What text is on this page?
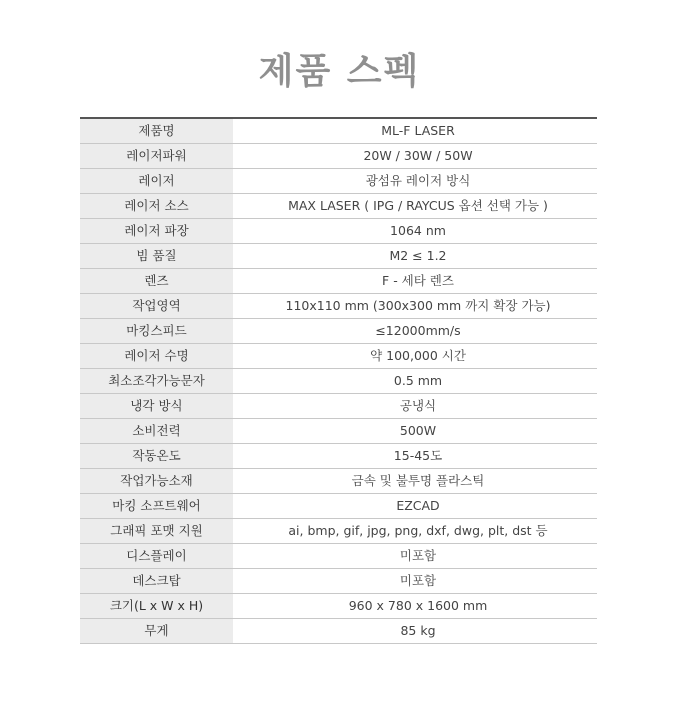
제품 스펙
제품명	ML-F LASER
레이저파워	20W / 30W / 50W
레이저	광섬유 레이저 방식
레이저 소스	MAX LASER ( IPG / RAYCUS 옵션 선택 가능 )
레이저 파장	1064 nm
빔 품질	M2 ≤ 1.2
렌즈	F - 세타 렌즈
작업영역	110x110 mm (300x300 mm 까지 확장 가능)
마킹스피드	≤12000mm/s
레이저 수명	약 100,000 시간
최소조각가능문자	0.5 mm
냉각 방식	공냉식
소비전력	500W
작동온도	15-45도
작업가능소재	금속 및 불투명 플라스틱
마킹 소프트웨어	EZCAD
그래픽 포맷 지원	ai, bmp, gif, jpg, png, dxf, dwg, plt, dst 등
디스플레이	미포함
데스크탑	미포함
크기(L x W x H)	960 x 780 x 1600 mm
무게	85 kg
